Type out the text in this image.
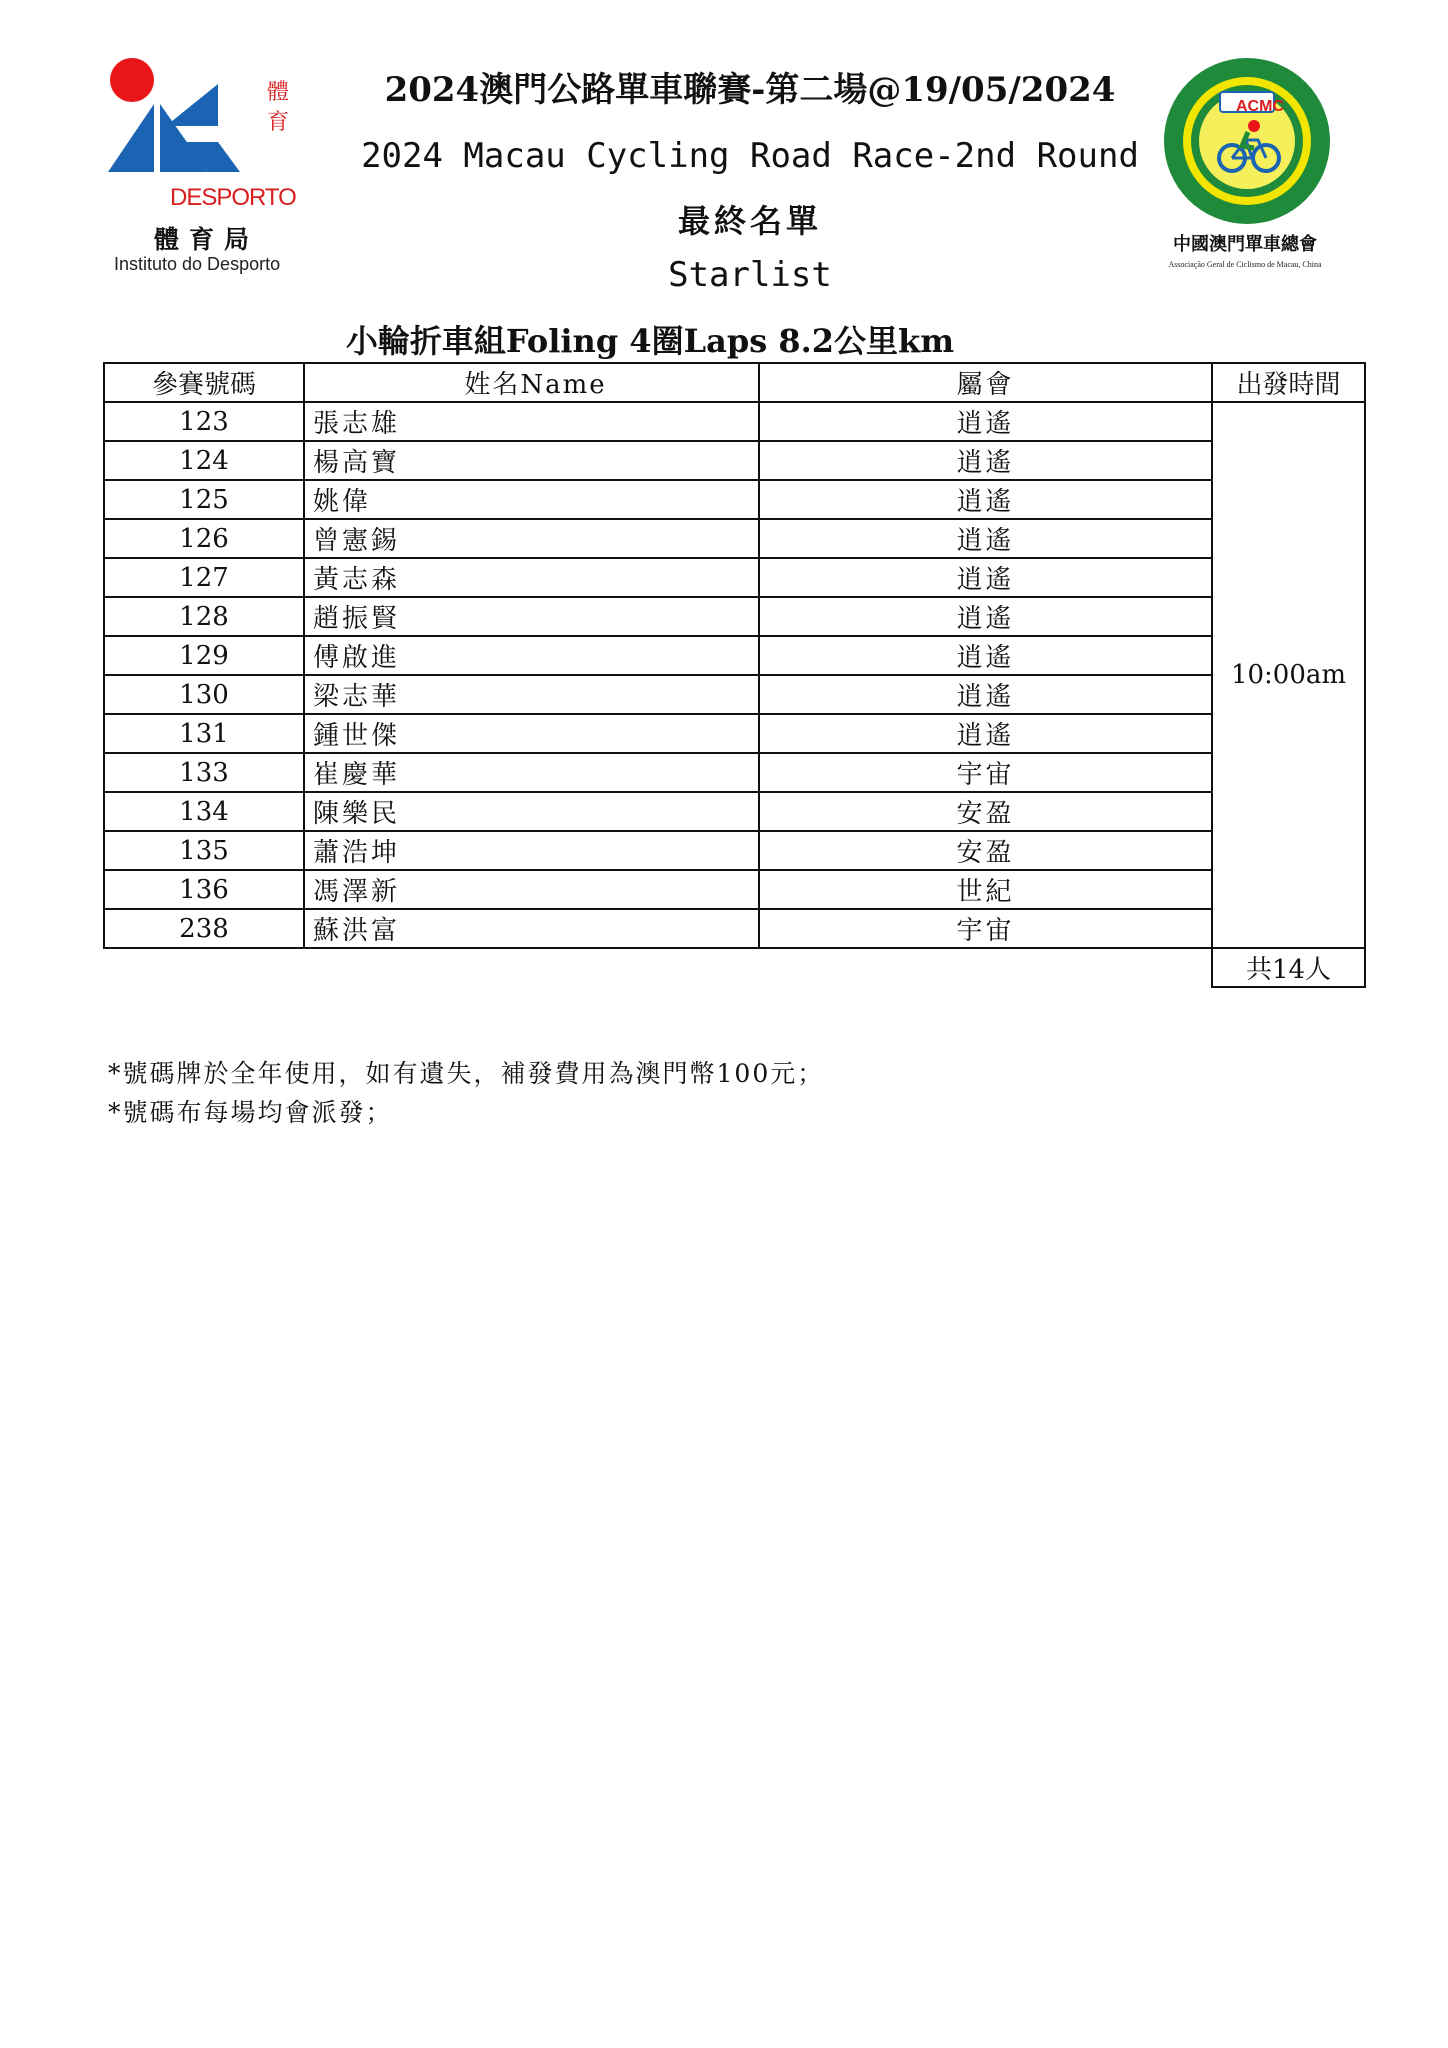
體
育
DESPORTO
體育局
Instituto do Desporto
ACMC
中國澳門單車總會
Associação Geral de Ciclismo de Macau, China
2024澳門公路單車聯賽-第二場@19/05/2024
2024 Macau Cycling Road Race-2nd Round
最終名單
Starlist
小輪折車組Foling 4圈Laps 8.2公里km
參賽號碼	姓名Name	屬會	出發時間
123	張志雄	逍遙	10:00am
124	楊高寶	逍遙	
125	姚偉	逍遙	
126	曾憲錫	逍遙	
127	黃志森	逍遙	
128	趙振賢	逍遙	
129	傅啟進	逍遙	
130	梁志華	逍遙	
131	鍾世傑	逍遙	
133	崔慶華	宇宙	
134	陳樂民	安盈	
135	蕭浩坤	安盈	
136	馮澤新	世紀	
238	蘇洪富	宇宙	
			共14人
*號碼牌於全年使用，如有遺失，補發費用為澳門幣100元；
*號碼布每場均會派發；
